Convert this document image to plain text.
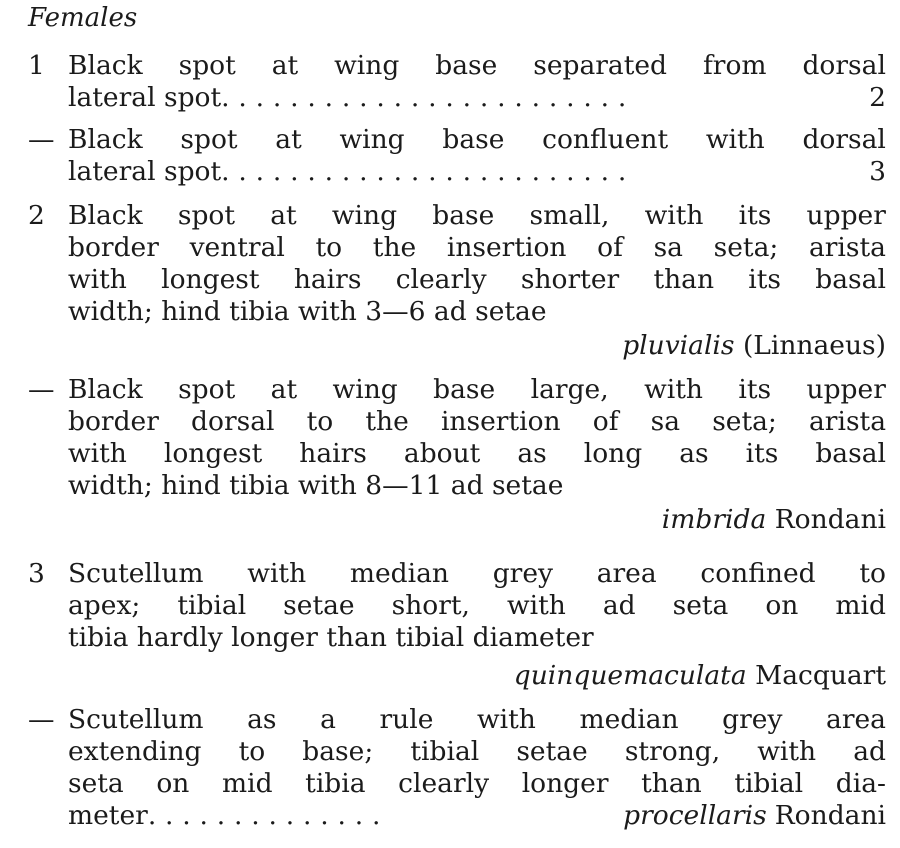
Females
1 Black spot at wing base separated from dorsal
lateral spot . . . . . . . . . . . . . . . . . . . . . . . .	2
— Black spot at wing base confluent with dorsal
lateral spot . . . . . . . . . . . . . . . . . . . . . . . .	3
2 Black spot at wing base small, with its upper
border ventral to the insertion of sa seta; arista
with longest hairs clearly shorter than its basal
width; hind tibia with 3—6 ad setae
pluvialis (Linnaeus)
— Black spot at wing base large, with its upper
border dorsal to the insertion of sa seta; arista
with longest hairs about as long as its basal
width; hind tibia with 8—11 ad setae
imbrida Rondani
3 Scutellum with median grey area confined to
apex; tibial setae short, with ad seta on mid
tibia hardly longer than tibial diameter
quinquemaculata Macquart
— Scutellum as a rule with median grey area
extending to base; tibial setae strong, with ad
seta on mid tibia clearly longer than tibial dia-
meter . . . . . . . . . . . . . .	procellaris Rondani
